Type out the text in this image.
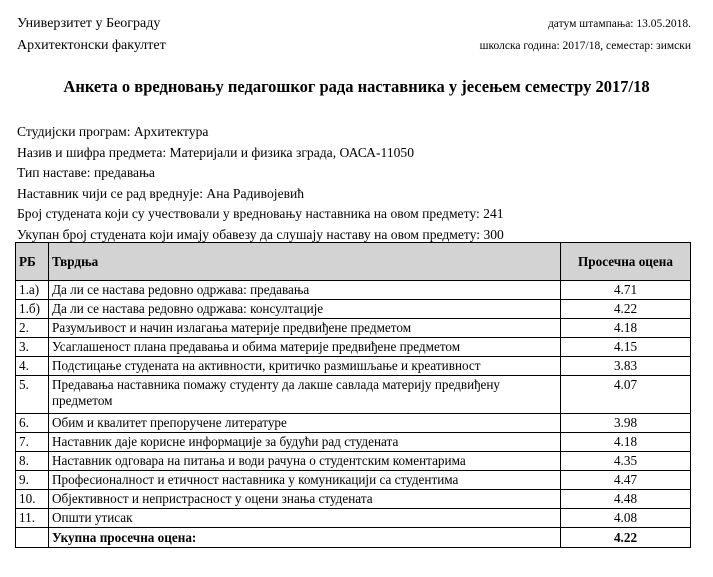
Универзитет у Београду
Архитектонски факултет
датум штампања: 13.05.2018.
школска година: 2017/18, семестар: зимски
Анкета о вредновању педагошког рада наставника у јесењем семестру 2017/18
Студијски програм: Архитектура
Назив и шифра предмета: Материјали и физика зграда, ОАСА-11050
Тип наставе: предавања
Наставник чији се рад вреднује: Ана Радивојевић
Број студената који су учествовали у вредновању наставника на овом предмету: 241
Укупан број студената који имају обавезу да слушају наставу на овом предмету: 300
РБ	Тврдња	Просечна оцена
1.а)	Да ли се настава редовно одржава: предавања	4.71
1.б)	Да ли се настава редовно одржава: консултације	4.22
2.	Разумљивост и начин излагања материје предвиђене предметом	4.18
3.	Усаглашеност плана предавања и обима материје предвиђене предметом	4.15
4.	Подстицање студената на активности, критичко размишљање и креативност	3.83
5.	Предавања наставника помажу студенту да лакше савлада материју предвиђену предметом	4.07
6.	Обим и квалитет препоручене литературе	3.98
7.	Наставник даје корисне информације за будући рад студената	4.18
8.	Наставник одговара на питања и води рачуна о студентским коментарима	4.35
9.	Професионалност и етичност наставника у комуникацији са студентима	4.47
10.	Објективност и непристрасност у оцени знања студената	4.48
11.	Општи утисак	4.08
	Укупна просечна оцена:	4.22
